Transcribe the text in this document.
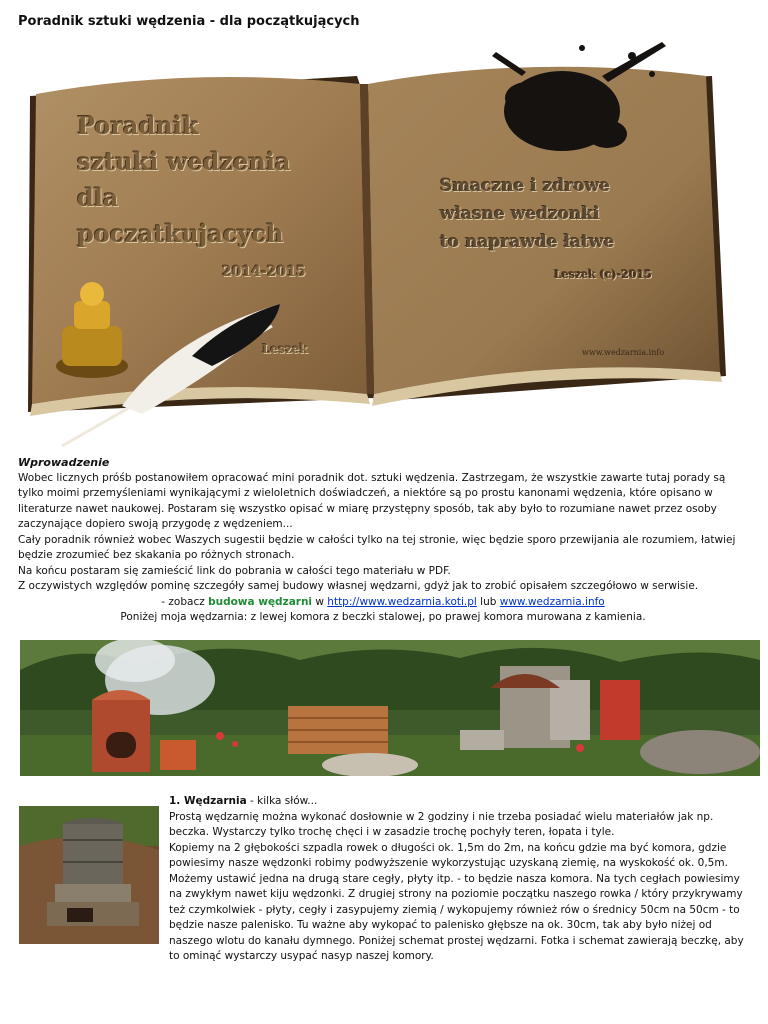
Poradnik sztuki wędzenia - dla początkujących
Poradnik
sztuki wedzenia
dla
poczatkujacych
2014-2015
Leszek
Smaczne i zdrowe
własne wedzonki
to naprawde łatwe
Leszek (c)-2015
www.wedzarnia.info

Wprowadzenie

Wobec licznych próśb postanowiłem opracować mini poradnik dot. sztuki wędzenia. Zastrzegam, że wszystkie zawarte tutaj porady są tylko moimi przemyśleniami wynikającymi z wieloletnich doświadczeń, a niektóre są po prostu kanonami wędzenia, które opisano w literaturze nawet naukowej. Postaram się wszystko opisać w miarę przystępny sposób, tak aby było to rozumiane nawet przez osoby zaczynające dopiero swoją przygodę z wędzeniem...

Cały poradnik również wobec Waszych sugestii będzie w całości tylko na tej stronie, więc będzie sporo przewijania ale rozumiem, łatwiej będzie zrozumieć bez skakania po różnych stronach.

Na końcu postaram się zamieścić link do pobrania w całości tego materiału w PDF.

Z oczywistych względów pominę szczegóły samej budowy własnej wędzarni, gdyż jak to zrobić opisałem szczegółowo w serwisie.

- zobacz budowa wędzarni w http://www.wedzarnia.koti.pl lub www.wedzarnia.info

Poniżej moja wędzarnia: z lewej komora z beczki stalowej, po prawej komora murowana z kamienia.

1. Wędzarnia - kilka słów...

Prostą wędzarnię można wykonać dosłownie w 2 godziny i nie trzeba posiadać wielu materiałów jak np. beczka. Wystarczy tylko trochę chęci i w zasadzie trochę pochyły teren, łopata i tyle.

Kopiemy na 2 głębokości szpadla rowek o długości ok. 1,5m do 2m, na końcu gdzie ma być komora, gdzie powiesimy nasze wędzonki robimy podwyższenie wykorzystując uzyskaną ziemię, na wyskokość ok. 0,5m. Możemy ustawić jedna na drugą stare cegły, płyty itp. - to będzie nasza komora. Na tych cegłach powiesimy na zwykłym nawet kiju wędzonki. Z drugiej strony na poziomie początku naszego rowka / który przykrywamy też czymkolwiek - płyty, cegły i zasypujemy ziemią / wykopujemy również rów o średnicy 50cm na 50cm - to będzie nasze palenisko. Tu ważne aby wykopać to palenisko głębsze na ok. 30cm, tak aby było niżej od naszego wlotu do kanału dymnego. Poniżej schemat prostej wędzarni. Fotka i schemat zawierają beczkę, aby to ominąć wystarczy usypać nasyp naszej komory.
